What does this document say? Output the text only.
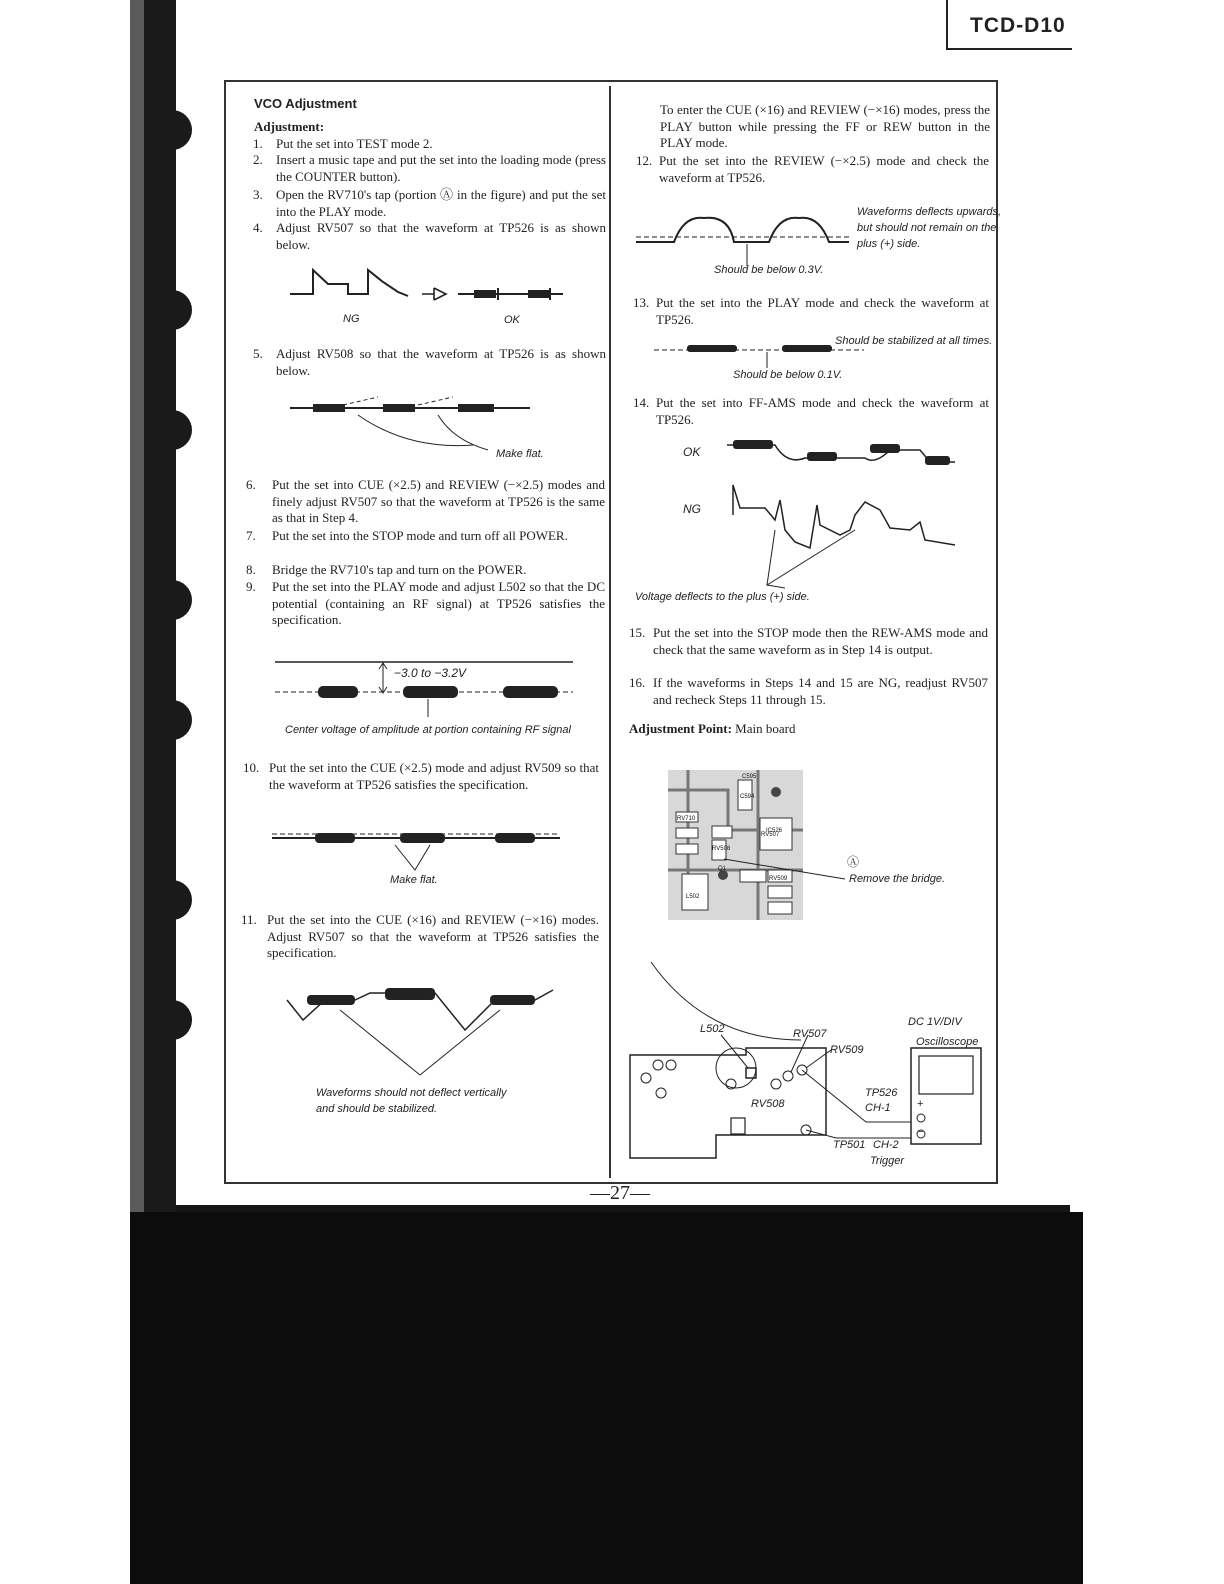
TCD-D10
VCO Adjustment
Adjustment:
1. Put the set into TEST mode 2.
2. Insert a music tape and put the set into the loading mode (press the COUNTER button).
3. Open the RV710's tap (portion Ⓐ in the figure) and put the set into the PLAY mode.
4. Adjust RV507 so that the waveform at TP526 is as shown below.
NG	OK
5. Adjust RV508 so that the waveform at TP526 is as shown below.
Make flat.
6. Put the set into CUE (×2.5) and REVIEW (−×2.5) modes and finely adjust RV507 so that the waveform at TP526 is the same as that in Step 4.
7. Put the set into the STOP mode and turn off all POWER.
8. Bridge the RV710's tap and turn on the POWER.
9. Put the set into the PLAY mode and adjust L502 so that the DC potential (containing an RF signal) at TP526 satisfies the specification.
−3.0 to −3.2V
Center voltage of amplitude at portion containing RF signal
10. Put the set into the CUE (×2.5) mode and adjust RV509 so that the waveform at TP526 satisfies the specification.
Make flat.
11. Put the set into the CUE (×16) and REVIEW (−×16) modes. Adjust RV507 so that the waveform at TP526 satisfies the specification.
Waveforms should not deflect vertically
and should be stabilized.
To enter the CUE (×16) and REVIEW (−×16) modes, press the PLAY button while pressing the FF or REW button in the PLAY mode.
12. Put the set into the REVIEW (−×2.5) mode and check the waveform at TP526.
Waveforms deflects upwards,
but should not remain on the
plus (+) side.
Should be below 0.3V.
13. Put the set into the PLAY mode and check the waveform at TP526.
Should be stabilized at all times.
Should be below 0.1V.
14. Put the set into FF-AMS mode and check the waveform at TP526.
OK
NG
Voltage deflects to the plus (+) side.
15. Put the set into the STOP mode then the REW-AMS mode and check that the same waveform as in Step 14 is output.
16. If the waveforms in Steps 14 and 15 are NG, readjust RV507 and recheck Steps 11 through 15.
Adjustment Point: Main board
RV710
RV507
RV508
RV509
IC526
L502
C594
C595
Q1	Ⓐ
Remove the bridge.
L502	RV507
RV509
RV508
TP526
CH-1
TP501 CH-2
Trigger
DC 1V/DIV
Oscilloscope
+
−
—27—
